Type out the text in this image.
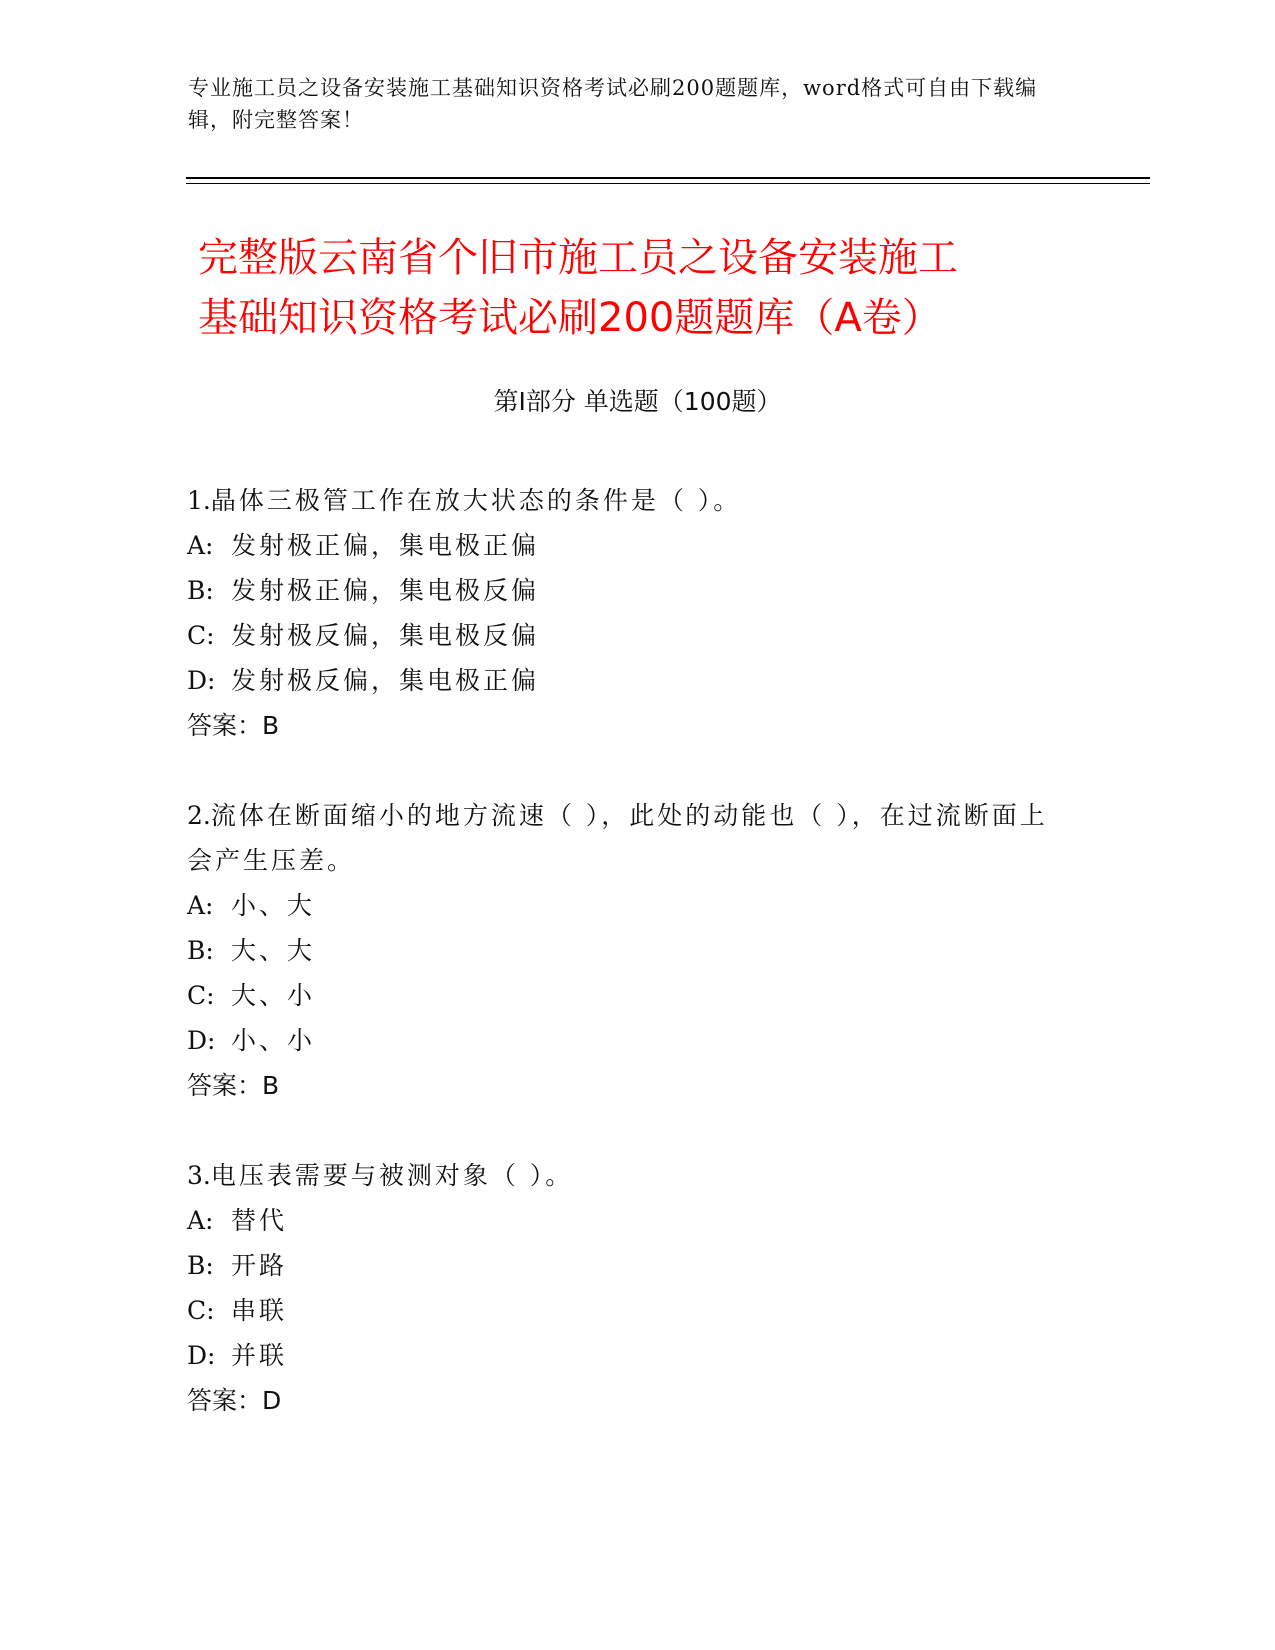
专业施工员之设备安装施工基础知识资格考试必刷200题题库，word格式可自由下载编辑，附完整答案！
完整版云南省个旧市施工员之设备安装施工
基础知识资格考试必刷200题题库（A卷）
第Ⅰ部分 单选题（100题）
1.晶体三极管工作在放大状态的条件是（ ）。
A: 发射极正偏，集电极正偏
B: 发射极正偏，集电极反偏
C: 发射极反偏，集电极反偏
D: 发射极反偏，集电极正偏
答案：B
2.流体在断面缩小的地方流速（ ），此处的动能也（ ），在过流断面上会产生压差。
A: 小、大
B: 大、大
C: 大、小
D: 小、小
答案：B
3.电压表需要与被测对象（ ）。
A: 替代
B: 开路
C: 串联
D: 并联
答案：D
